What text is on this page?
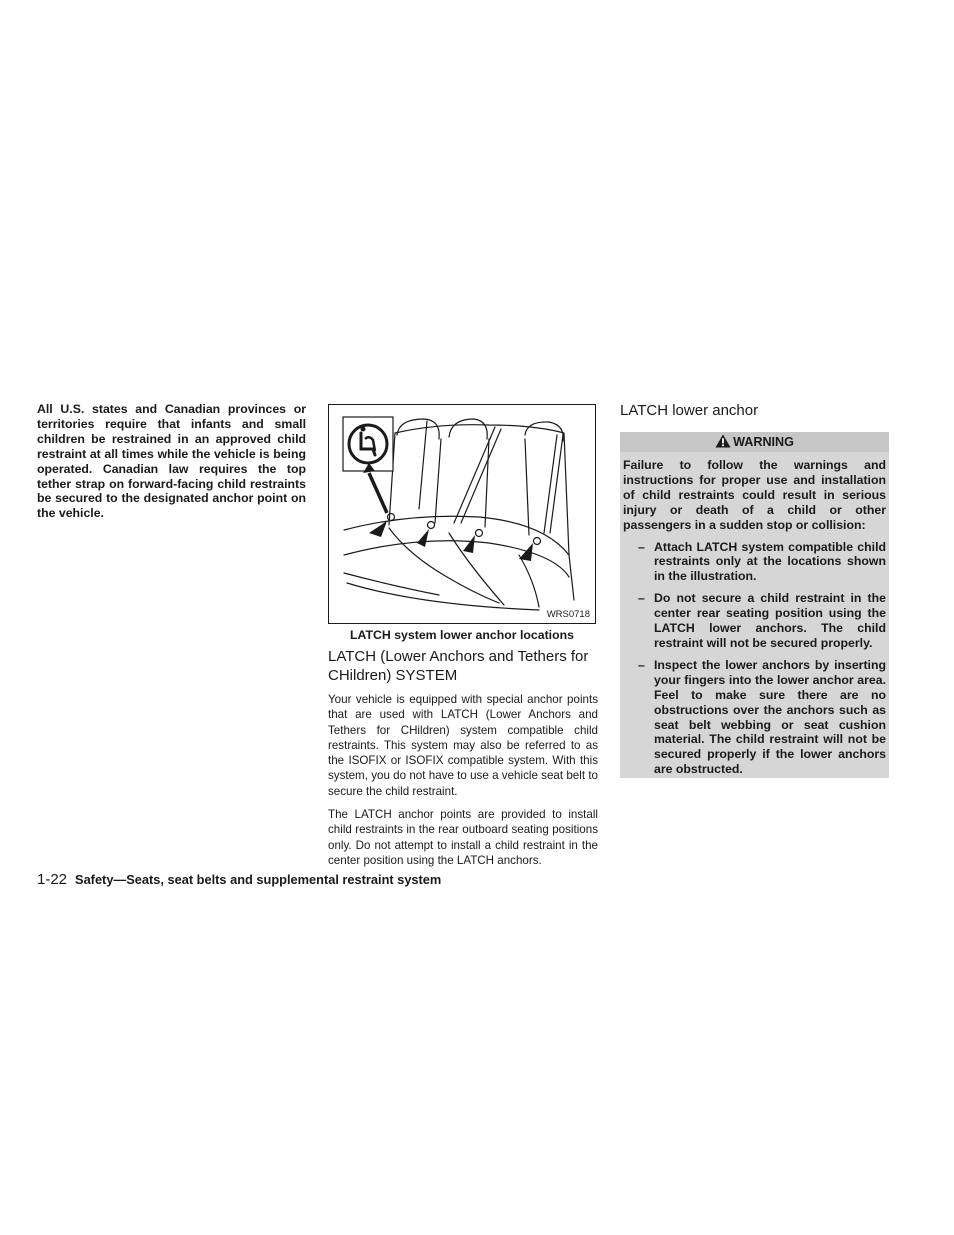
All U.S. states and Canadian provinces or territories require that infants and small children be restrained in an approved child restraint at all times while the vehicle is being operated. Canadian law requires the top tether strap on forward-facing child restraints be secured to the designated anchor point on the vehicle.
WRS0718
LATCH system lower anchor locations
LATCH (Lower Anchors and Tethers for CHildren) SYSTEM
Your vehicle is equipped with special anchor points that are used with LATCH (Lower Anchors and Tethers for CHildren) system compatible child restraints. This system may also be referred to as the ISOFIX or ISOFIX compatible system. With this system, you do not have to use a vehicle seat belt to secure the child restraint.
The LATCH anchor points are provided to install child restraints in the rear outboard seating positions only. Do not attempt to install a child restraint in the center position using the LATCH anchors.
LATCH lower anchor
WARNING

Failure to follow the warnings and instructions for proper use and installation of child restraints could result in serious injury or death of a child or other passengers in a sudden stop or collision:

– Attach LATCH system compatible child restraints only at the locations shown in the illustration.
– Do not secure a child restraint in the center rear seating position using the LATCH lower anchors. The child restraint will not be secured properly.
– Inspect the lower anchors by inserting your fingers into the lower anchor area. Feel to make sure there are no obstructions over the anchors such as seat belt webbing or seat cushion material. The child restraint will not be secured properly if the lower anchors are obstructed.
1-22 Safety—Seats, seat belts and supplemental restraint system
